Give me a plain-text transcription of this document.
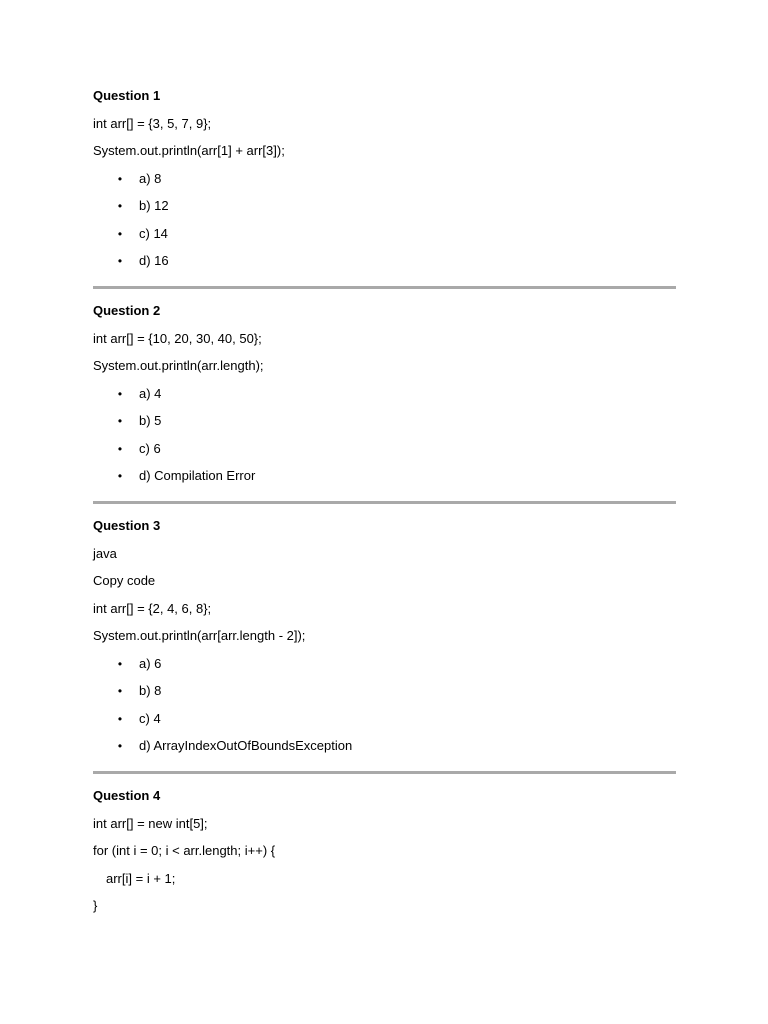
Question 1
int arr[] = {3, 5, 7, 9};
System.out.println(arr[1] + arr[3]);
• a) 8
• b) 12
• c) 14
• d) 16
Question 2
int arr[] = {10, 20, 30, 40, 50};
System.out.println(arr.length);
• a) 4
• b) 5
• c) 6
• d) Compilation Error
Question 3
java
Copy code
int arr[] = {2, 4, 6, 8};
System.out.println(arr[arr.length - 2]);
• a) 6
• b) 8
• c) 4
• d) ArrayIndexOutOfBoundsException
Question 4
int arr[] = new int[5];
for (int i = 0; i < arr.length; i++) {
arr[i] = i + 1;
}
